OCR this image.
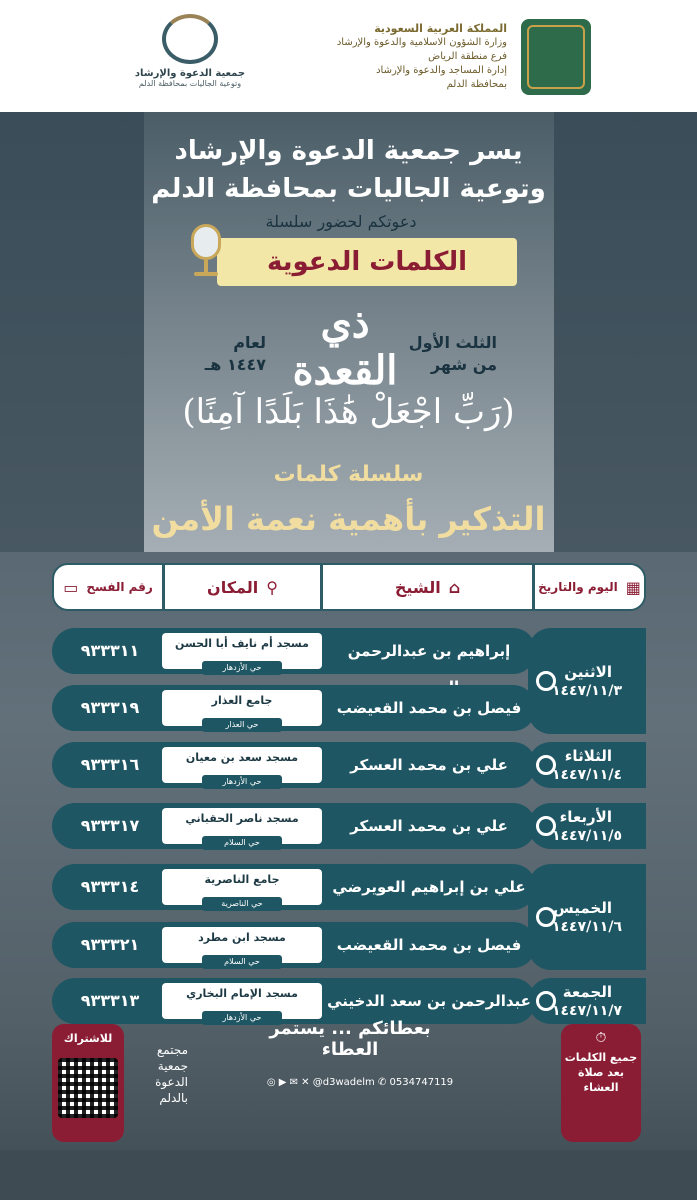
المملكة العربية السعودية
وزارة الشؤون الاسلامية والدعوة والإرشاد
فرع منطقة الرياض
إدارة المساجد والدعوة والإرشاد
بمحافظة الدلم
جمعية الدعوة والإرشاد
وتوعية الجاليات بمحافظة الدلم
يسر جمعية الدعوة والإرشاد
وتوعية الجاليات بمحافظة الدلم
دعوتكم لحضور سلسلة
الكلمات الدعوية
الثلث الأول
من شهر
ذي القعدة
لعام
١٤٤٧ هـ
(رَبِّ اجْعَلْ هَٰذَا بَلَدًا آمِنًا)
سلسلة كلمات
التذكير بأهمية نعمة الأمن
▦
اليوم والتاريخ
⌂
الشيخ
⚲
المكان
رقم الفسح
▭
الاثنين
١٤٤٧/١١/٣
الثلاثاء
١٤٤٧/١١/٤
الأربعاء
١٤٤٧/١١/٥
الخميس
١٤٤٧/١١/٦
الجمعة
١٤٤٧/١١/٧
إبراهيم بن عبدالرحمن
مسجد أم نايف أبا الحسن
حي الأزدهار
٩٣٣٣١١
فيصل بن محمد القعيضب
جامع العذار
حي العذار
٩٣٣٣١٩
علي بن محمد العسكر
مسجد سعد بن معيان
حي الأزدهار
٩٣٣٣١٦
علي بن محمد العسكر
مسجد ناصر الحقباني
حي السلام
٩٣٣٣١٧
علي بن إبراهيم العويرضي
جامع الناصرية
حي الناصرية
٩٣٣٣١٤
فيصل بن محمد القعيضب
مسجد ابن مطرد
حي السلام
٩٣٣٣٢١
عبدالرحمن بن سعد الدخيني
مسجد الإمام البخاري
حي الأزدهار
٩٣٣٣١٣
للاشتراك
مجتمع جمعية الدعوة بالدلم
بعطائكم ... يستمر العطاء
◎ ▶ ✉ ✕ @d3wadelm ✆ 0534747119
⏱
جميع الكلمات بعد صلاة العشاء
